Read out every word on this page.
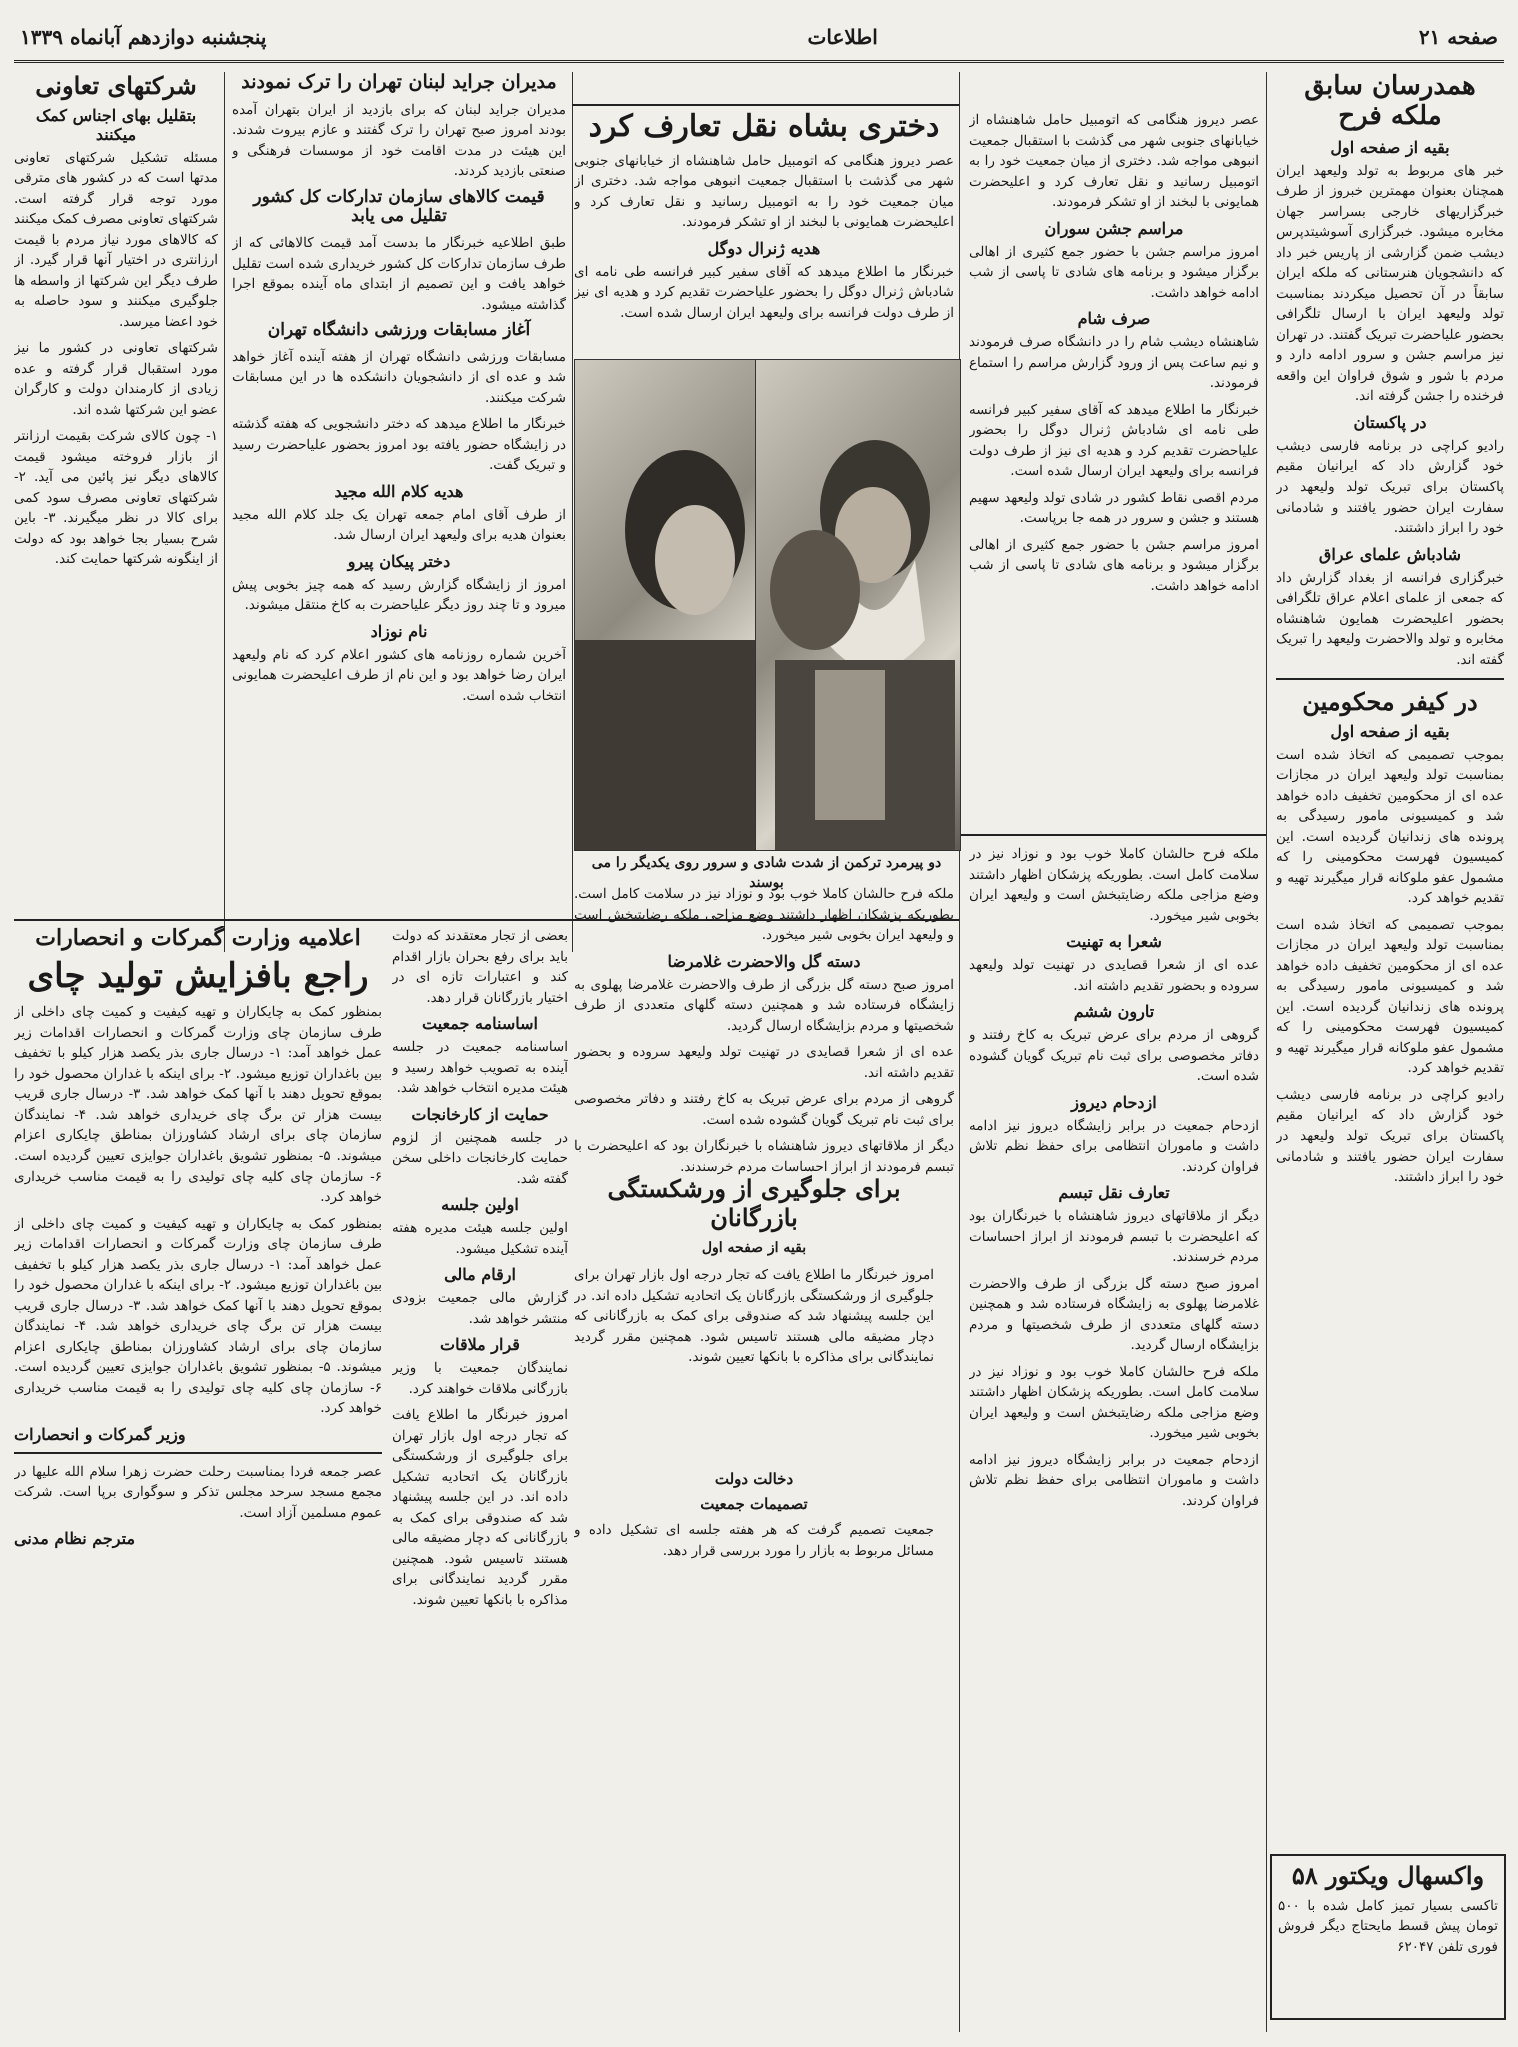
صفحه ۲۱
اطلاعات
پنجشنبه دوازدهم آبانماه ۱۳۳۹
همدرسان سابق ملکه فرح
بقیه از صفحه اول

خبر های مربوط به تولد ولیعهد ایران همچنان بعنوان مهمترین خبروز از طرف خبرگزاریهای خارجی بسراسر جهان مخابره میشود. خبرگزاری آسوشیتدپرس دیشب ضمن گزارشی از پاریس خبر داد که دانشجویان هنرستانی که ملکه ایران سابقاً در آن تحصیل میکردند بمناسبت تولد ولیعهد ایران با ارسال تلگرافی بحضور علیاحضرت تبریک گفتند. در تهران نیز مراسم جشن و سرور ادامه دارد و مردم با شور و شوق فراوان این واقعه فرخنده را جشن گرفته اند.

در پاکستان

رادیو کراچی در برنامه فارسی دیشب خود گزارش داد که ایرانیان مقیم پاکستان برای تبریک تولد ولیعهد در سفارت ایران حضور یافتند و شادمانی خود را ابراز داشتند.

شادباش علمای عراق

خبرگزاری فرانسه از بغداد گزارش داد که جمعی از علمای اعلام عراق تلگرافی بحضور اعلیحضرت همایون شاهنشاه مخابره و تولد والاحضرت ولیعهد را تبریک گفته اند.

در کیفر محکومین
بقیه از صفحه اول

بموجب تصمیمی که اتخاذ شده است بمناسبت تولد ولیعهد ایران در مجازات عده ای از محکومین تخفیف داده خواهد شد و کمیسیونی مامور رسیدگی به پرونده های زندانیان گردیده است. این کمیسیون فهرست محکومینی را که مشمول عفو ملوکانه قرار میگیرند تهیه و تقدیم خواهد کرد.

بموجب تصمیمی که اتخاذ شده است بمناسبت تولد ولیعهد ایران در مجازات عده ای از محکومین تخفیف داده خواهد شد و کمیسیونی مامور رسیدگی به پرونده های زندانیان گردیده است. این کمیسیون فهرست محکومینی را که مشمول عفو ملوکانه قرار میگیرند تهیه و تقدیم خواهد کرد.

رادیو کراچی در برنامه فارسی دیشب خود گزارش داد که ایرانیان مقیم پاکستان برای تبریک تولد ولیعهد در سفارت ایران حضور یافتند و شادمانی خود را ابراز داشتند.

واکسهال ویکتور ۵۸

تاکسی بسیار تمیز کامل شده با ۵۰۰ تومان پیش قسط مایحتاج دیگر فروش فوری تلفن ۶۲۰۴۷

دختری بشاه نقل تعارف کرد

عصر دیروز هنگامی که اتومبیل حامل شاهنشاه از خیابانهای جنوبی شهر می گذشت با استقبال جمعیت انبوهی مواجه شد. دختری از میان جمعیت خود را به اتومبیل رسانید و نقل تعارف کرد و اعلیحضرت همایونی با لبخند از او تشکر فرمودند.

هدیه ژنرال دوگل

خبرنگار ما اطلاع میدهد که آقای سفیر کبیر فرانسه طی نامه ای شادباش ژنرال دوگل را بحضور علیاحضرت تقدیم کرد و هدیه ای نیز از طرف دولت فرانسه برای ولیعهد ایران ارسال شده است.

عصر دیروز هنگامی که اتومبیل حامل شاهنشاه از خیابانهای جنوبی شهر می گذشت با استقبال جمعیت انبوهی مواجه شد. دختری از میان جمعیت خود را به اتومبیل رسانید و نقل تعارف کرد و اعلیحضرت همایونی با لبخند از او تشکر فرمودند.

مراسم جشن سوران

امروز مراسم جشن با حضور جمع کثیری از اهالی برگزار میشود و برنامه های شادی تا پاسی از شب ادامه خواهد داشت.

صرف شام

شاهنشاه دیشب شام را در دانشگاه صرف فرمودند و نیم ساعت پس از ورود گزارش مراسم را استماع فرمودند.

خبرنگار ما اطلاع میدهد که آقای سفیر کبیر فرانسه طی نامه ای شادباش ژنرال دوگل را بحضور علیاحضرت تقدیم کرد و هدیه ای نیز از طرف دولت فرانسه برای ولیعهد ایران ارسال شده است.

مردم اقصی نقاط کشور در شادی تولد ولیعهد سهیم هستند و جشن و سرور در همه جا برپاست.

امروز مراسم جشن با حضور جمع کثیری از اهالی برگزار میشود و برنامه های شادی تا پاسی از شب ادامه خواهد داشت.

دو پیرمرد ترکمن از شدت شادی و سرور روی یکدیگر را می بوسند

ملکه فرح حالشان کاملا خوب بود و نوزاد نیز در سلامت کامل است. بطوریکه پزشکان اظهار داشتند وضع مزاجی ملکه رضایتبخش است و ولیعهد ایران بخوبی شیر میخورد.

شعرا به تهنیت

عده ای از شعرا قصایدی در تهنیت تولد ولیعهد سروده و بحضور تقدیم داشته اند.

تارون ششم

گروهی از مردم برای عرض تبریک به کاخ رفتند و دفاتر مخصوصی برای ثبت نام تبریک گویان گشوده شده است.

ازدحام دیروز

ازدحام جمعیت در برابر زایشگاه دیروز نیز ادامه داشت و ماموران انتظامی برای حفظ نظم تلاش فراوان کردند.

تعارف نقل تبسم

دیگر از ملاقاتهای دیروز شاهنشاه با خبرنگاران بود که اعلیحضرت با تبسم فرمودند از ابراز احساسات مردم خرسندند.

امروز صبح دسته گل بزرگی از طرف والاحضرت غلامرضا پهلوی به زایشگاه فرستاده شد و همچنین دسته گلهای متعددی از طرف شخصیتها و مردم بزایشگاه ارسال گردید.

ملکه فرح حالشان کاملا خوب بود و نوزاد نیز در سلامت کامل است. بطوریکه پزشکان اظهار داشتند وضع مزاجی ملکه رضایتبخش است و ولیعهد ایران بخوبی شیر میخورد.

ازدحام جمعیت در برابر زایشگاه دیروز نیز ادامه داشت و ماموران انتظامی برای حفظ نظم تلاش فراوان کردند.

ملکه فرح حالشان کاملا خوب بود و نوزاد نیز در سلامت کامل است. بطوریکه پزشکان اظهار داشتند وضع مزاجی ملکه رضایتبخش است و ولیعهد ایران بخوبی شیر میخورد.

دسته گل والاحضرت غلامرضا

امروز صبح دسته گل بزرگی از طرف والاحضرت غلامرضا پهلوی به زایشگاه فرستاده شد و همچنین دسته گلهای متعددی از طرف شخصیتها و مردم بزایشگاه ارسال گردید.

عده ای از شعرا قصایدی در تهنیت تولد ولیعهد سروده و بحضور تقدیم داشته اند.

گروهی از مردم برای عرض تبریک به کاخ رفتند و دفاتر مخصوصی برای ثبت نام تبریک گویان گشوده شده است.

دیگر از ملاقاتهای دیروز شاهنشاه با خبرنگاران بود که اعلیحضرت با تبسم فرمودند از ابراز احساسات مردم خرسندند.

مدیران جراید لبنان تهران را ترک نمودند

مدیران جراید لبنان که برای بازدید از ایران بتهران آمده بودند امروز صبح تهران را ترک گفتند و عازم بیروت شدند. این هیئت در مدت اقامت خود از موسسات فرهنگی و صنعتی بازدید کردند.

قیمت کالاهای سازمان تدارکات کل کشور تقلیل می یابد

طبق اطلاعیه خبرنگار ما بدست آمد قیمت کالاهائی که از طرف سازمان تدارکات کل کشور خریداری شده است تقلیل خواهد یافت و این تصمیم از ابتدای ماه آینده بموقع اجرا گذاشته میشود.

آغاز مسابقات ورزشی دانشگاه تهران

مسابقات ورزشی دانشگاه تهران از هفته آینده آغاز خواهد شد و عده ای از دانشجویان دانشکده ها در این مسابقات شرکت میکنند.

خبرنگار ما اطلاع میدهد که دختر دانشجویی که هفته گذشته در زایشگاه حضور یافته بود امروز بحضور علیاحضرت رسید و تبریک گفت.

هدیه کلام الله مجید

از طرف آقای امام جمعه تهران یک جلد کلام الله مجید بعنوان هدیه برای ولیعهد ایران ارسال شد.

دختر پیکان پیرو

امروز از زایشگاه گزارش رسید که همه چیز بخوبی پیش میرود و تا چند روز دیگر علیاحضرت به کاخ منتقل میشوند.

نام نوزاد

آخرین شماره روزنامه های کشور اعلام کرد که نام ولیعهد ایران رضا خواهد بود و این نام از طرف اعلیحضرت همایونی انتخاب شده است.

شرکتهای تعاونی
بتقلیل بهای اجناس کمک میکنند

مسئله تشکیل شرکتهای تعاونی مدتها است که در کشور های مترقی مورد توجه قرار گرفته است. شرکتهای تعاونی مصرف کمک میکنند که کالاهای مورد نیاز مردم با قیمت ارزانتری در اختیار آنها قرار گیرد. از طرف دیگر این شرکتها از واسطه ها جلوگیری میکنند و سود حاصله به خود اعضا میرسد.

شرکتهای تعاونی در کشور ما نیز مورد استقبال قرار گرفته و عده زیادی از کارمندان دولت و کارگران عضو این شرکتها شده اند.

۱- چون کالای شرکت بقیمت ارزانتر از بازار فروخته میشود قیمت کالاهای دیگر نیز پائین می آید. ۲- شرکتهای تعاونی مصرف سود کمی برای کالا در نظر میگیرند. ۳- باین شرح بسیار بجا خواهد بود که دولت از اینگونه شرکتها حمایت کند.

اعلامیه وزارت گمرکات و انحصارات
راجع بافزایش تولید چای

بمنظور کمک به چایکاران و تهیه کیفیت و کمیت چای داخلی از طرف سازمان چای وزارت گمرکات و انحصارات اقدامات زیر عمل خواهد آمد: ۱- درسال جاری بذر یکصد هزار کیلو با تخفیف بین باغداران توزیع میشود. ۲- برای اینکه با غداران محصول خود را بموقع تحویل دهند با آنها کمک خواهد شد. ۳- درسال جاری قریب بیست هزار تن برگ چای خریداری خواهد شد. ۴- نمایندگان سازمان چای برای ارشاد کشاورزان بمناطق چایکاری اعزام میشوند. ۵- بمنظور تشویق باغداران جوایزی تعیین گردیده است. ۶- سازمان چای کلیه چای تولیدی را به قیمت مناسب خریداری خواهد کرد.

بمنظور کمک به چایکاران و تهیه کیفیت و کمیت چای داخلی از طرف سازمان چای وزارت گمرکات و انحصارات اقدامات زیر عمل خواهد آمد: ۱- درسال جاری بذر یکصد هزار کیلو با تخفیف بین باغداران توزیع میشود. ۲- برای اینکه با غداران محصول خود را بموقع تحویل دهند با آنها کمک خواهد شد. ۳- درسال جاری قریب بیست هزار تن برگ چای خریداری خواهد شد. ۴- نمایندگان سازمان چای برای ارشاد کشاورزان بمناطق چایکاری اعزام میشوند. ۵- بمنظور تشویق باغداران جوایزی تعیین گردیده است. ۶- سازمان چای کلیه چای تولیدی را به قیمت مناسب خریداری خواهد کرد.

وزیر گمرکات و انحصارات

عصر جمعه فردا بمناسبت رحلت حضرت زهرا سلام الله علیها در مجمع مسجد سرحد مجلس تذکر و سوگواری برپا است. شرکت عموم مسلمین آزاد است.

مترجم نظام مدنی

بعضی از تجار معتقدند که دولت باید برای رفع بحران بازار اقدام کند و اعتبارات تازه ای در اختیار بازرگانان قرار دهد.

اساسنامه جمعیت

اساسنامه جمعیت در جلسه آینده به تصویب خواهد رسید و هیئت مدیره انتخاب خواهد شد.

حمایت از کارخانجات

در جلسه همچنین از لزوم حمایت کارخانجات داخلی سخن گفته شد.

اولین جلسه

اولین جلسه هیئت مدیره هفته آینده تشکیل میشود.

ارقام مالی

گزارش مالی جمعیت بزودی منتشر خواهد شد.

قرار ملاقات

نمایندگان جمعیت با وزیر بازرگانی ملاقات خواهند کرد.

امروز خبرنگار ما اطلاع یافت که تجار درجه اول بازار تهران برای جلوگیری از ورشکستگی بازرگانان یک اتحادیه تشکیل داده اند. در این جلسه پیشنهاد شد که صندوقی برای کمک به بازرگانانی که دچار مضیقه مالی هستند تاسیس شود. همچنین مقرر گردید نمایندگانی برای مذاکره با بانکها تعیین شوند.

برای جلوگیری از ورشکستگی بازرگانان
بقیه از صفحه اول
امروز خبرنگار ما اطلاع یافت که تجار درجه اول بازار تهران برای جلوگیری از ورشکستگی بازرگانان یک اتحادیه تشکیل داده اند. در این جلسه پیشنهاد شد که صندوقی برای کمک به بازرگانانی که دچار مضیقه مالی هستند تاسیس شود. همچنین مقرر گردید نمایندگانی برای مذاکره با بانکها تعیین شوند.
دخالت دولت
تصمیمات جمعیت
جمعیت تصمیم گرفت که هر هفته جلسه ای تشکیل داده و مسائل مربوط به بازار را مورد بررسی قرار دهد.
